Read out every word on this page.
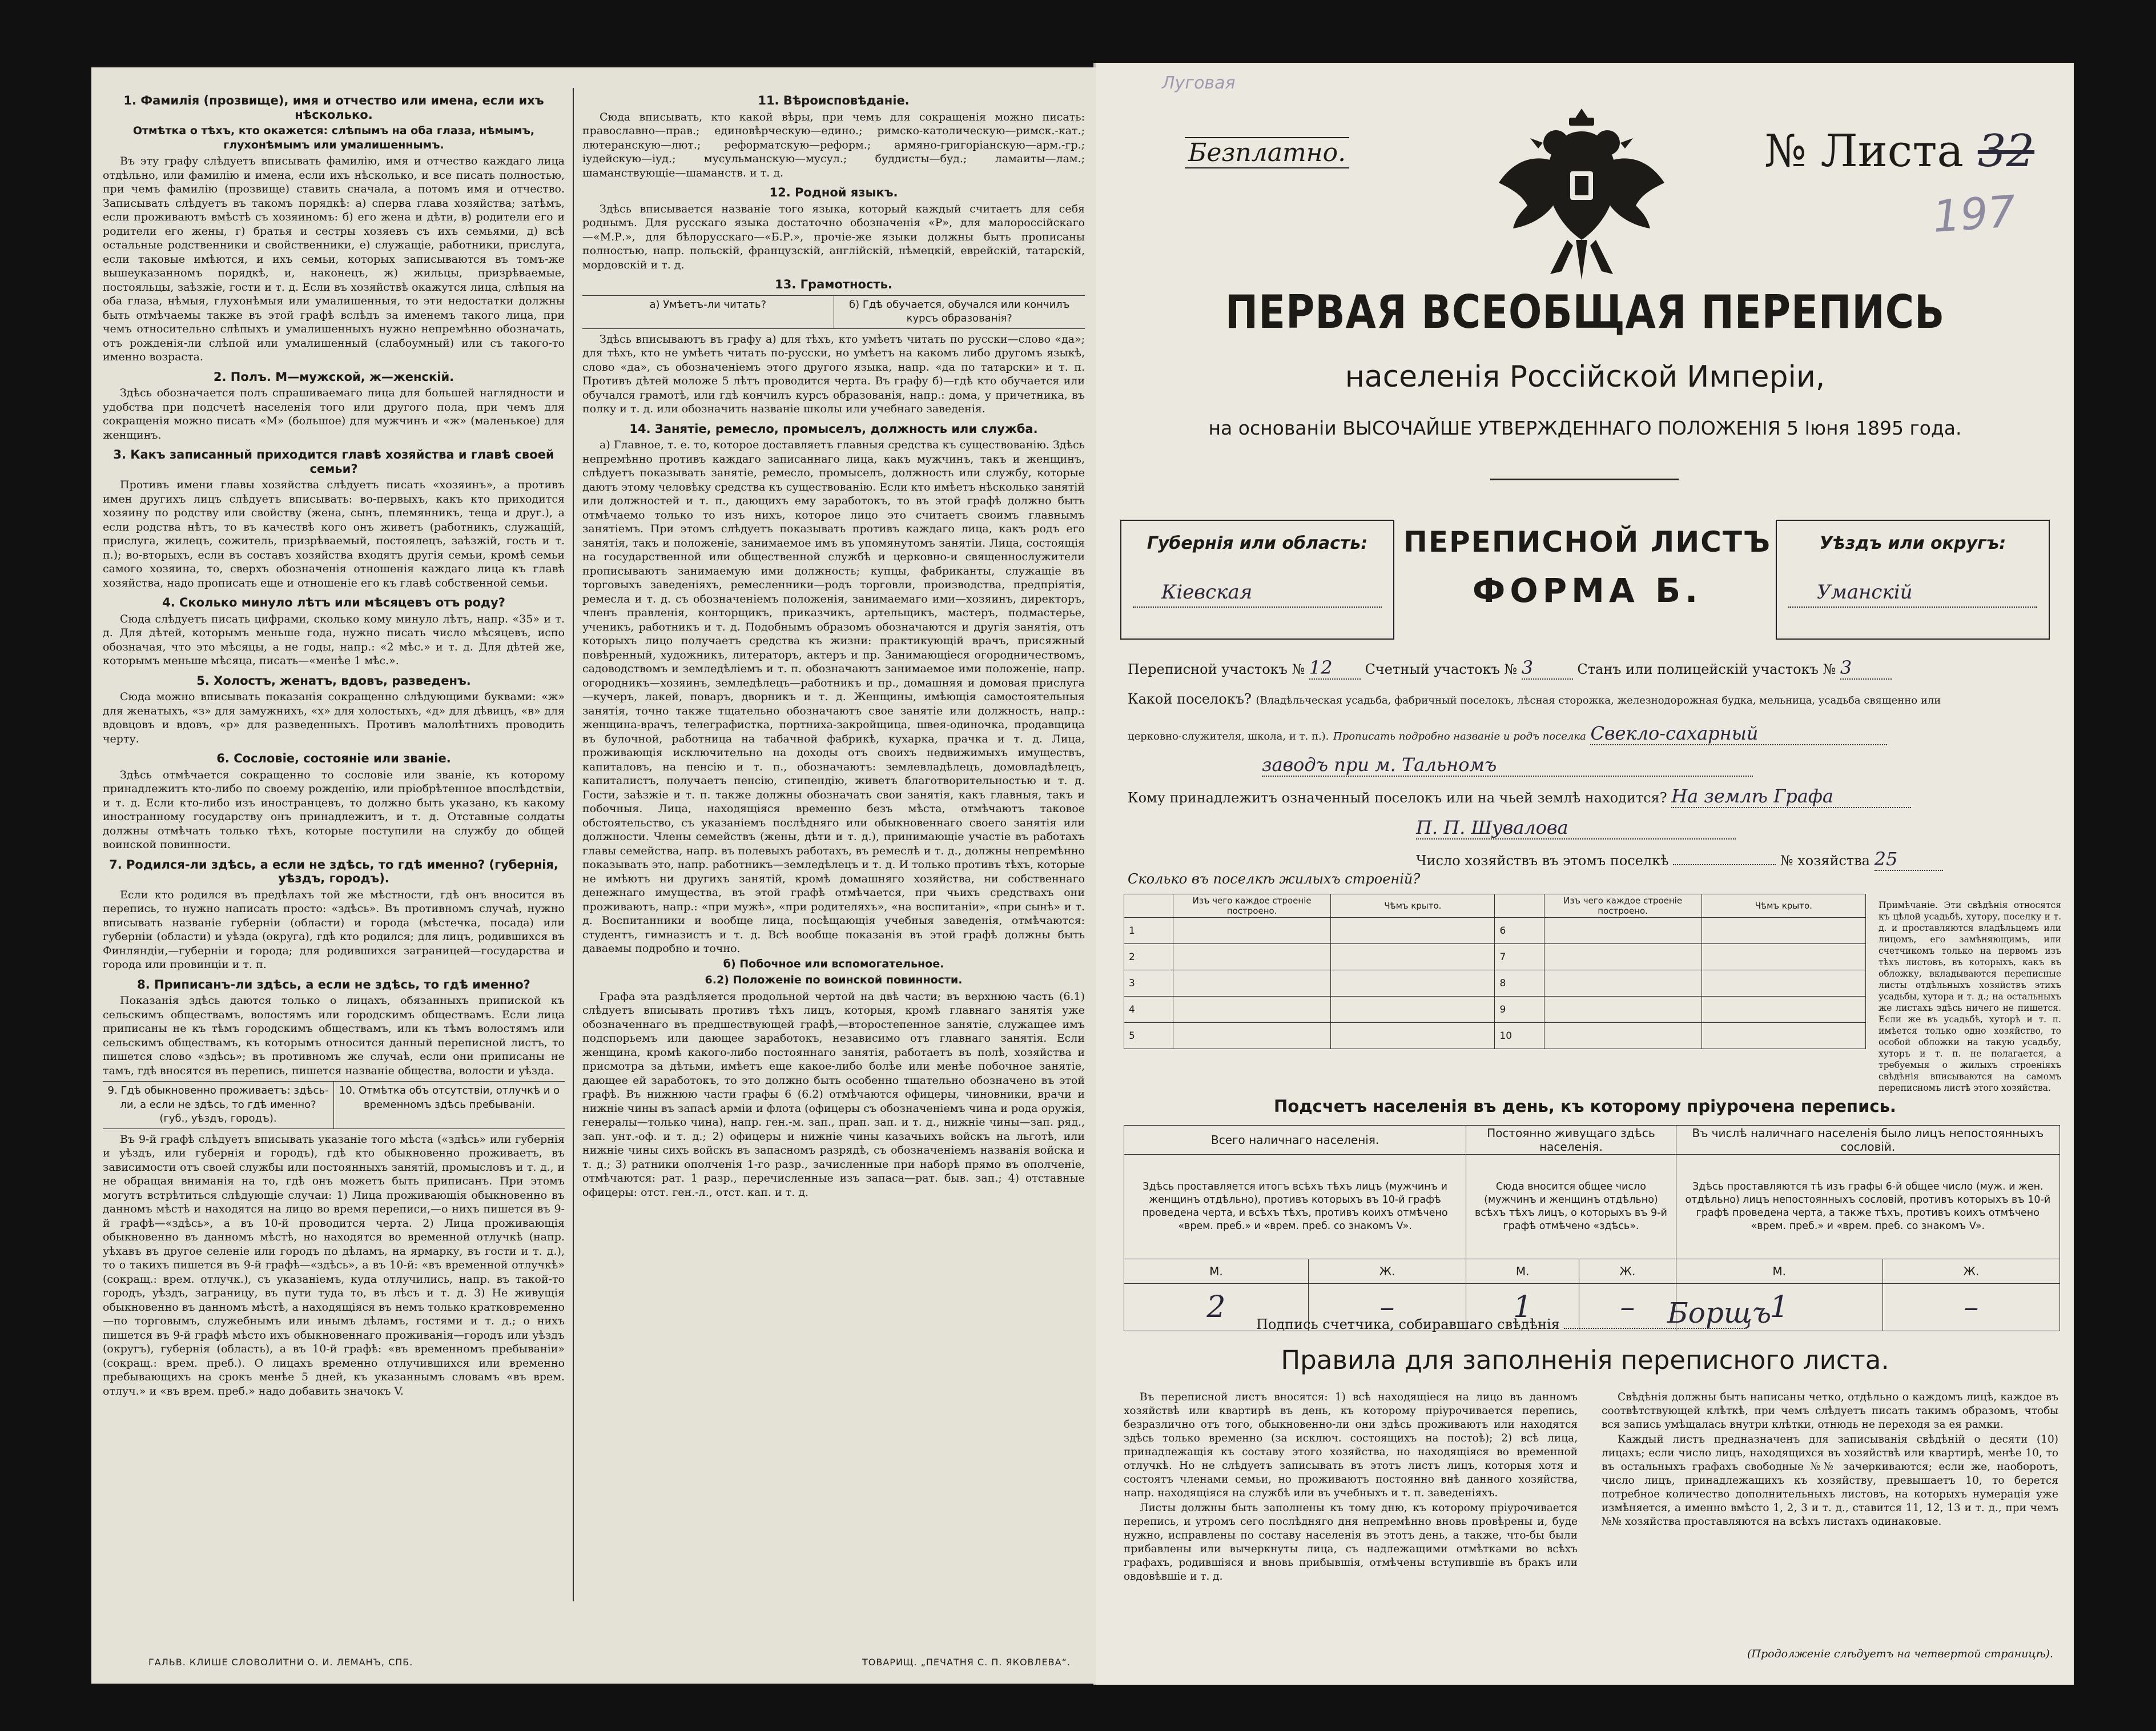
1. Фамилія (прозвище), имя и отчество или имена, если ихъ нѣсколько.
Отмѣтка о тѣхъ, кто окажется: слѣпымъ на оба глаза, нѣмымъ, глухонѣмымъ или умалишеннымъ.

Въ эту графу слѣдуетъ вписывать фамилію, имя и отчество каждаго лица отдѣльно, или фамилію и имена, если ихъ нѣсколько, и все писать полностью, при чемъ фамилію (прозвище) ставить сначала, а потомъ имя и отчество. Записывать слѣдуетъ въ такомъ порядкѣ: а) сперва глава хозяйства; затѣмъ, если проживаютъ вмѣстѣ съ хозяиномъ: б) его жена и дѣти, в) родители его и родители его жены, г) братья и сестры хозяевъ съ ихъ семьями, д) всѣ остальные родственники и свойственники, е) служащіе, работники, прислуга, если таковые имѣются, и ихъ семьи, которых записываются въ томъ-же вышеуказанномъ порядкѣ, и, наконецъ, ж) жильцы, призрѣваемые, постояльцы, заѣзжіе, гости и т. д. Если въ хозяйствѣ окажутся лица, слѣпыя на оба глаза, нѣмыя, глухонѣмыя или умалишенныя, то эти недостатки должны быть отмѣчаемы также въ этой графѣ вслѣдъ за именемъ такого лица, при чемъ относительно слѣпыхъ и умалишенныхъ нужно непремѣнно обозначать, отъ рожденія-ли слѣпой или умалишенный (слабоумный) или съ такого-то именно возраста.

2. Полъ. М—мужской, ж—женскій.

Здѣсь обозначается полъ спрашиваемаго лица для большей наглядности и удобства при подсчетѣ населенія того или другого пола, при чемъ для сокращенія можно писать «М» (большое) для мужчинъ и «ж» (маленькое) для женщинъ.

3. Какъ записанный приходится главѣ хозяйства и главѣ своей семьи?

Противъ имени главы хозяйства слѣдуетъ писать «хозяинъ», а противъ имен другихъ лицъ слѣдуетъ вписывать: во-первыхъ, какъ кто приходится хозяину по родству или свойству (жена, сынъ, племянникъ, теща и друг.), а если родства нѣтъ, то въ качествѣ кого онъ живетъ (работникъ, служащій, прислуга, жилецъ, сожитель, призрѣваемый, постоялецъ, заѣзжій, гость и т. п.); во-вторыхъ, если въ составъ хозяйства входятъ другія семьи, кромѣ семьи самого хозяина, то, сверхъ обозначенія отношенія каждаго лица къ главѣ хозяйства, надо прописать еще и отношеніе его къ главѣ собственной семьи.

4. Сколько минуло лѣтъ или мѣсяцевъ отъ роду?

Сюда слѣдуетъ писать цифрами, сколько кому минуло лѣтъ, напр. «35» и т. д. Для дѣтей, которымъ меньше года, нужно писать число мѣсяцевъ, испо обозначая, что это мѣсяцы, а не годы, напр.: «2 мѣс.» и т. д. Для дѣтей же, которымъ меньше мѣсяца, писать—«менѣе 1 мѣс.».

5. Холостъ, женатъ, вдовъ, разведенъ.

Сюда можно вписывать показанія сокращенно слѣдующими буквами: «ж» для женатыхъ, «з» для замужнихъ, «х» для холостыхъ, «д» для дѣвицъ, «в» для вдовцовъ и вдовъ, «р» для разведенныхъ. Противъ малолѣтнихъ проводить черту.

6. Сословіе, состояніе или званіе.

Здѣсь отмѣчается сокращенно то сословіе или званіе, къ которому принадлежитъ кто-либо по своему рожденію, или пріобрѣтенное впослѣдствіи, и т. д. Если кто-либо изъ иностранцевъ, то должно быть указано, къ какому иностранному государству онъ принадлежитъ, и т. д. Отставные солдаты должны отмѣчать только тѣхъ, которые поступили на службу до общей воинской повинности.

7. Родился-ли здѣсь, а если не здѣсь, то гдѣ именно? (губернія, уѣздъ, городъ).

Если кто родился въ предѣлахъ той же мѣстности, гдѣ онъ вносится въ перепись, то нужно написать просто: «здѣсь». Въ противномъ случаѣ, нужно вписывать названіе губерніи (области) и города (мѣстечка, посада) или губерніи (области) и уѣзда (округа), гдѣ кто родился; для лицъ, родившихся въ Финляндіи,—губерніи и города; для родившихся заграницей—государства и города или провинціи и т. п.

8. Приписанъ-ли здѣсь, а если не здѣсь, то гдѣ именно?

Показанія здѣсь даются только о лицахъ, обязанныхъ припиской къ сельскимъ обществамъ, волостямъ или городскимъ обществамъ. Если лица приписаны не къ тѣмъ городскимъ обществамъ, или къ тѣмъ волостямъ или сельскимъ обществамъ, къ которымъ относится данный переписной листъ, то пишется слово «здѣсь»; въ противномъ же случаѣ, если они приписаны не тамъ, гдѣ вносятся въ перепись, пишется названіе общества, волости и уѣзда.

9. Гдѣ обыкновенно проживаетъ: здѣсь-ли, а если не здѣсь, то гдѣ именно? (губ., уѣздъ, городъ).
10. Отмѣтка объ отсутствіи, отлучкѣ и о временномъ здѣсь пребываніи.

Въ 9-й графѣ слѣдуетъ вписывать указаніе того мѣста («здѣсь» или губернія и уѣздъ, или губернія и городъ), гдѣ кто обыкновенно проживаетъ, въ зависимости отъ своей службы или постоянныхъ занятій, промысловъ и т. д., и не обращая вниманія на то, гдѣ онъ можетъ быть приписанъ. При этомъ могутъ встрѣтиться слѣдующіе случаи: 1) Лица проживающія обыкновенно въ данномъ мѣстѣ и находятся на лицо во время переписи,—о нихъ пишется въ 9-й графѣ—«здѣсь», а въ 10-й проводится черта. 2) Лица проживающія обыкновенно въ данномъ мѣстѣ, но находятся во временной отлучкѣ (напр. уѣхавъ въ другое селеніе или городъ по дѣламъ, на ярмарку, въ гости и т. д.), то о такихъ пишется въ 9-й графѣ—«здѣсь», а въ 10-й: «въ временной отлучкѣ» (сокращ.: врем. отлучк.), съ указаніемъ, куда отлучились, напр. въ такой-то городъ, уѣздъ, заграницу, въ пути туда то, въ лѣсъ и т. д. 3) Не живущія обыкновенно въ данномъ мѣстѣ, а находящіяся въ немъ только кратковременно—по торговымъ, служебнымъ или инымъ дѣламъ, гостями и т. д.; о нихъ пишется въ 9-й графѣ мѣсто ихъ обыкновеннаго проживанія—городъ или уѣздъ (округъ), губернія (область), а въ 10-й графѣ: «въ временномъ пребываніи» (сокращ.: врем. преб.). О лицахъ временно отлучившихся или временно пребывающихъ на срокъ менѣе 5 дней, къ указаннымъ словамъ «въ врем. отлуч.» и «въ врем. преб.» надо добавить значокъ V.

11. Вѣроисповѣданіе.

Сюда вписывать, кто какой вѣры, при чемъ для сокращенія можно писать: православно—прав.; единовѣрческую—едино.; римско-католическую—римск.-кат.; лютеранскую—лют.; реформатскую—реформ.; армяно-григоріанскую—арм.-гр.; іудейскую—іуд.; мусульманскую—мусул.; буддисты—буд.; ламаиты—лам.; шаманствующіе—шаманств. и т. д.

12. Родной языкъ.

Здѣсь вписывается названіе того языка, который каждый считаетъ для себя роднымъ. Для русскаго языка достаточно обозначенія «Р», для малороссійскаго—«М.Р.», для бѣлорусскаго—«Б.Р.», прочіе-же языки должны быть прописаны полностью, напр. польскій, французскій, англійскій, нѣмецкій, еврейскій, татарскій, мордовскій и т. д.

13. Грамотность.
а) Умѣетъ-ли читать?	б) Гдѣ обучается, обучался или кончилъ курсъ образованія?

Здѣсь вписываютъ въ графу а) для тѣхъ, кто умѣетъ читать по русски—слово «да»; для тѣхъ, кто не умѣетъ читать по-русски, но умѣетъ на какомъ либо другомъ языкѣ, слово «да», съ обозначеніемъ этого другого языка, напр. «да по татарски» и т. п. Противъ дѣтей моложе 5 лѣтъ проводится черта. Въ графу б)—гдѣ кто обучается или обучался грамотѣ, или гдѣ кончилъ курсъ образованія, напр.: дома, у причетника, въ полку и т. д. или обозначить названіе школы или учебнаго заведенія.

14. Занятіе, ремесло, промыселъ, должность или служба.

а) Главное, т. е. то, которое доставляетъ главныя средства къ существованію. Здѣсь непремѣнно противъ каждаго записаннаго лица, какъ мужчинъ, такъ и женщинъ, слѣдуетъ показывать занятіе, ремесло, промыселъ, должность или службу, которые даютъ этому человѣку средства къ существованію. Если кто имѣетъ нѣсколько занятій или должностей и т. п., дающихъ ему заработокъ, то въ этой графѣ должно быть отмѣчаемо только то изъ нихъ, которое лицо это считаетъ своимъ главнымъ занятіемъ. При этомъ слѣдуетъ показывать противъ каждаго лица, какъ родъ его занятія, такъ и положеніе, занимаемое имъ въ упомянутомъ занятіи. Лица, состоящія на государственной или общественной службѣ и церковно-и священнослужители прописываютъ занимаемую ими должность; купцы, фабриканты, служащіе въ торговыхъ заведеніяхъ, ремесленники—родъ торговли, производства, предпріятія, ремесла и т. д. съ обозначеніемъ положенія, занимаемаго ими—хозяинъ, директоръ, членъ правленія, конторщикъ, приказчикъ, артельщикъ, мастеръ, подмастерье, ученикъ, работникъ и т. д. Подобнымъ образомъ обозначаются и другія занятія, отъ которыхъ лицо получаетъ средства къ жизни: практикующій врачъ, присяжный повѣренный, художникъ, литераторъ, актеръ и пр. Занимающіеся огородничествомъ, садоводствомъ и земледѣліемъ и т. п. обозначаютъ занимаемое ими положеніе, напр. огородникъ—хозяинъ, земледѣлецъ—работникъ и пр., домашняя и домовая прислуга—кучеръ, лакей, поваръ, дворникъ и т. д. Женщины, имѣющія самостоятельныя занятія, точно также тщательно обозначаютъ свое занятіе или должность, напр.: женщина-врачъ, телеграфистка, портниха-закройщица, швея-одиночка, продавщица въ булочной, работница на табачной фабрикѣ, кухарка, прачка и т. д. Лица, проживающія исключительно на доходы отъ своихъ недвижимыхъ имуществъ, капиталовъ, на пенсію и т. п., обозначаютъ: землевладѣлецъ, домовладѣлецъ, капиталистъ, получаетъ пенсію, стипендію, живетъ благотворительностью и т. д. Гости, заѣзжіе и т. п. также должны обозначать свои занятія, какъ главныя, такъ и побочныя. Лица, находящіяся временно безъ мѣста, отмѣчаютъ таковое обстоятельство, съ указаніемъ послѣдняго или обыкновеннаго своего занятія или должности. Члены семействъ (жены, дѣти и т. д.), принимающіе участіе въ работахъ главы семейства, напр. въ полевыхъ работахъ, въ ремеслѣ и т. д., должны непремѣнно показывать это, напр. работникъ—земледѣлецъ и т. д. И только противъ тѣхъ, которые не имѣютъ ни другихъ занятій, кромѣ домашняго хозяйства, ни собственнаго денежнаго имущества, въ этой графѣ отмѣчается, при чьихъ средствахъ они проживаютъ, напр.: «при мужѣ», «при родителяхъ», «на воспитаніи», «при сынѣ» и т. д. Воспитанники и вообще лица, посѣщающія учебныя заведенія, отмѣчаются: студентъ, гимназистъ и т. д. Всѣ вообще показанія въ этой графѣ должны быть даваемы подробно и точно.

б) Побочное или вспомогательное.
6.2) Положеніе по воинской повинности.

Графа эта раздѣляется продольной чертой на двѣ части; въ верхнюю часть (6.1) слѣдуетъ вписывать противъ тѣхъ лицъ, которыя, кромѣ главнаго занятія уже обозначеннаго въ предшествующей графѣ,—второстепенное занятіе, служащее имъ подспорьемъ или дающее заработокъ, независимо отъ главнаго занятія. Если женщина, кромѣ какого-либо постояннаго занятія, работаетъ въ полѣ, хозяйства и присмотра за дѣтьми, имѣетъ еще какое-либо болѣе или менѣе побочное занятіе, дающее ей заработокъ, то это должно быть особенно тщательно обозначено въ этой графѣ. Въ нижнюю части графы 6 (6.2) отмѣчаются офицеры, чиновники, врачи и нижніе чины въ запасѣ арміи и флота (офицеры съ обозначеніемъ чина и рода оружія, генералы—только чина), напр. ген.-м. зап., прап. зап. и т. д., нижніе чины—зап. ряд., зап. унт.-оф. и т. д.; 2) офицеры и нижніе чины казачьихъ войскъ на льготѣ, или нижніе чины сихъ войскъ въ запасномъ разрядѣ, съ обозначеніемъ названія войска и т. д.; 3) ратники ополченія 1-го разр., зачисленные при наборѣ прямо въ ополченіе, отмѣчаются: рат. 1 разр., перечисленные изъ запаса—рат. быв. зап.; 4) отставные офицеры: отст. ген.-л., отст. кап. и т. д.

ГАЛЬВ. КЛИШЕ СЛОВОЛИТНИ О. И. ЛЕМАНЪ, СПБ.	ТОВАРИЩ. „ПЕЧАТНЯ С. П. ЯКОВЛЕВА“.
Луговая
Безплатно.	№ Листа 32
197
ПЕРВАЯ ВСЕОБЩАЯ ПЕРЕПИСЬ
населенія Россійской Имперіи,
на основаніи ВЫСОЧАЙШЕ УТВЕРЖДЕННАГО ПОЛОЖЕНІЯ 5 Іюня 1895 года.
Губернія или область:
Кіевская
ПЕРЕПИСНОЙ ЛИСТЪ
ФОРМА Б.
Уѣздъ или округъ:
Уманскій
Переписной участокъ № 12 Счетный участокъ № 3	Станъ или полицейскій участокъ № 3
Какой поселокъ? (Владѣльческая усадьба, фабричный поселокъ, лѣсная сторожка, железнодорожная будка, мельница, усадьба священно или
церковно-служителя, школа, и т. п.). Прописать подробно названіе и родъ поселка Свекло-сахарный
заводъ при м. Тальномъ
Кому принадлежитъ означенный поселокъ или на чьей землѣ находится? На землѣ Графа
П. П. Шувалова
Число хозяйствъ въ этомъ поселкѣ	№ хозяйства 25
Сколько въ поселкѣ жилыхъ строеній?
	Изъ чего каждое строеніе построено.	Чѣмъ крыто.		Изъ чего каждое строеніе построено.	Чѣмъ крыто.
1			6		
2			7		
3			8		
4			9		
5			10		
Примѣчаніе. Эти свѣдѣнія относятся къ цѣлой усадьбѣ, хутору, поселку и т. д. и проставляются владѣльцемъ или лицомъ, его замѣняющимъ, или счетчикомъ только на первомъ изъ тѣхъ листовъ, въ которыхъ, какъ въ обложку, вкладываются переписные листы отдѣльныхъ хозяйствъ этихъ усадьбы, хутора и т. д.; на остальныхъ же листахъ здѣсь ничего не пишется. Если же въ усадьбѣ, хуторѣ и т. п. имѣется только одно хозяйство, то особой обложки на такую усадьбу, хуторъ и т. п. не полагается, а требуемыя о жилыхъ строеніяхъ свѣдѣнія вписываются на самомъ переписномъ листѣ этого хозяйства.
Подсчетъ населенія въ день, къ которому пріурочена перепись.
Всего наличнаго населенія.		Постоянно живущаго здѣсь населенія.		Въ числѣ наличнаго населенія было лицъ непостоянныхъ сословій.	
Здѣсь проставляется итогъ всѣхъ тѣхъ лицъ (мужчинъ и женщинъ отдѣльно), противъ которыхъ въ 10-й графѣ проведена черта, и всѣхъ тѣхъ, противъ коихъ отмѣчено «врем. преб.» и «врем. преб. со знакомъ V».		Сюда вносится общее число (мужчинъ и женщинъ отдѣльно) всѣхъ тѣхъ лицъ, о которыхъ въ 9-й графѣ отмѣчено «здѣсь».		Здѣсь проставляются тѣ изъ графы 6-й общее число (муж. и жен. отдѣльно) лицъ непостоянныхъ сословій, противъ которыхъ въ 10-й графѣ проведена черта, а также тѣхъ, противъ коихъ отмѣчено «врем. преб.» и «врем. преб. со знакомъ V».	
М.	Ж.	М.	Ж.	М.	Ж.
2	–	1	–	1	–
Подпись счетчика, собиравшаго свѣдѣнія	Борщъ
Правила для заполненія переписного листа.

Въ переписной листъ вносятся: 1) всѣ находящіеся на лицо въ данномъ хозяйствѣ или квартирѣ въ день, къ которому пріурочивается перепись, безразлично отъ того, обыкновенно-ли они здѣсь проживаютъ или находятся здѣсь только временно (за исключ. состоящихъ на постоѣ); 2) всѣ лица, принадлежащія къ составу этого хозяйства, но находящіяся во временной отлучкѣ. Но не слѣдуетъ записывать въ этотъ листъ лицъ, которыя хотя и состоятъ членами семьи, но проживаютъ постоянно внѣ данного хозяйства, напр. находящіяся на службѣ или въ учебныхъ и т. п. заведеніяхъ.

Листы должны быть заполнены къ тому дню, къ которому пріурочивается перепись, и утромъ сего послѣдняго дня непремѣнно вновь провѣрены и, буде нужно, исправлены по составу населенія въ этотъ день, а также, что-бы были прибавлены или вычеркнуты лица, съ надлежащими отмѣтками во всѣхъ графахъ, родившіяся и вновь прибывшія, отмѣчены вступившіе въ бракъ или овдовѣвшіе и т. д.

Свѣдѣнія должны быть написаны четко, отдѣльно о каждомъ лицѣ, каждое въ соотвѣтствующей клѣткѣ, при чемъ слѣдуетъ писать такимъ образомъ, чтобы вся запись умѣщалась внутри клѣтки, отнюдь не переходя за ея рамки.

Каждый листъ предназначенъ для записыванія свѣдѣній о десяти (10) лицахъ; если число лицъ, находящихся въ хозяйствѣ или квартирѣ, менѣе 10, то въ остальныхъ графахъ свободные №№ зачеркиваются; если же, наоборотъ, число лицъ, принадлежащихъ къ хозяйству, превышаетъ 10, то берется потребное количество дополнительныхъ листовъ, на которыхъ нумерація уже измѣняется, а именно вмѣсто 1, 2, 3 и т. д., ставится 11, 12, 13 и т. д., при чемъ №№ хозяйства проставляются на всѣхъ листахъ одинаковые.

(Продолженіе слѣдуетъ на четвертой страницѣ).
